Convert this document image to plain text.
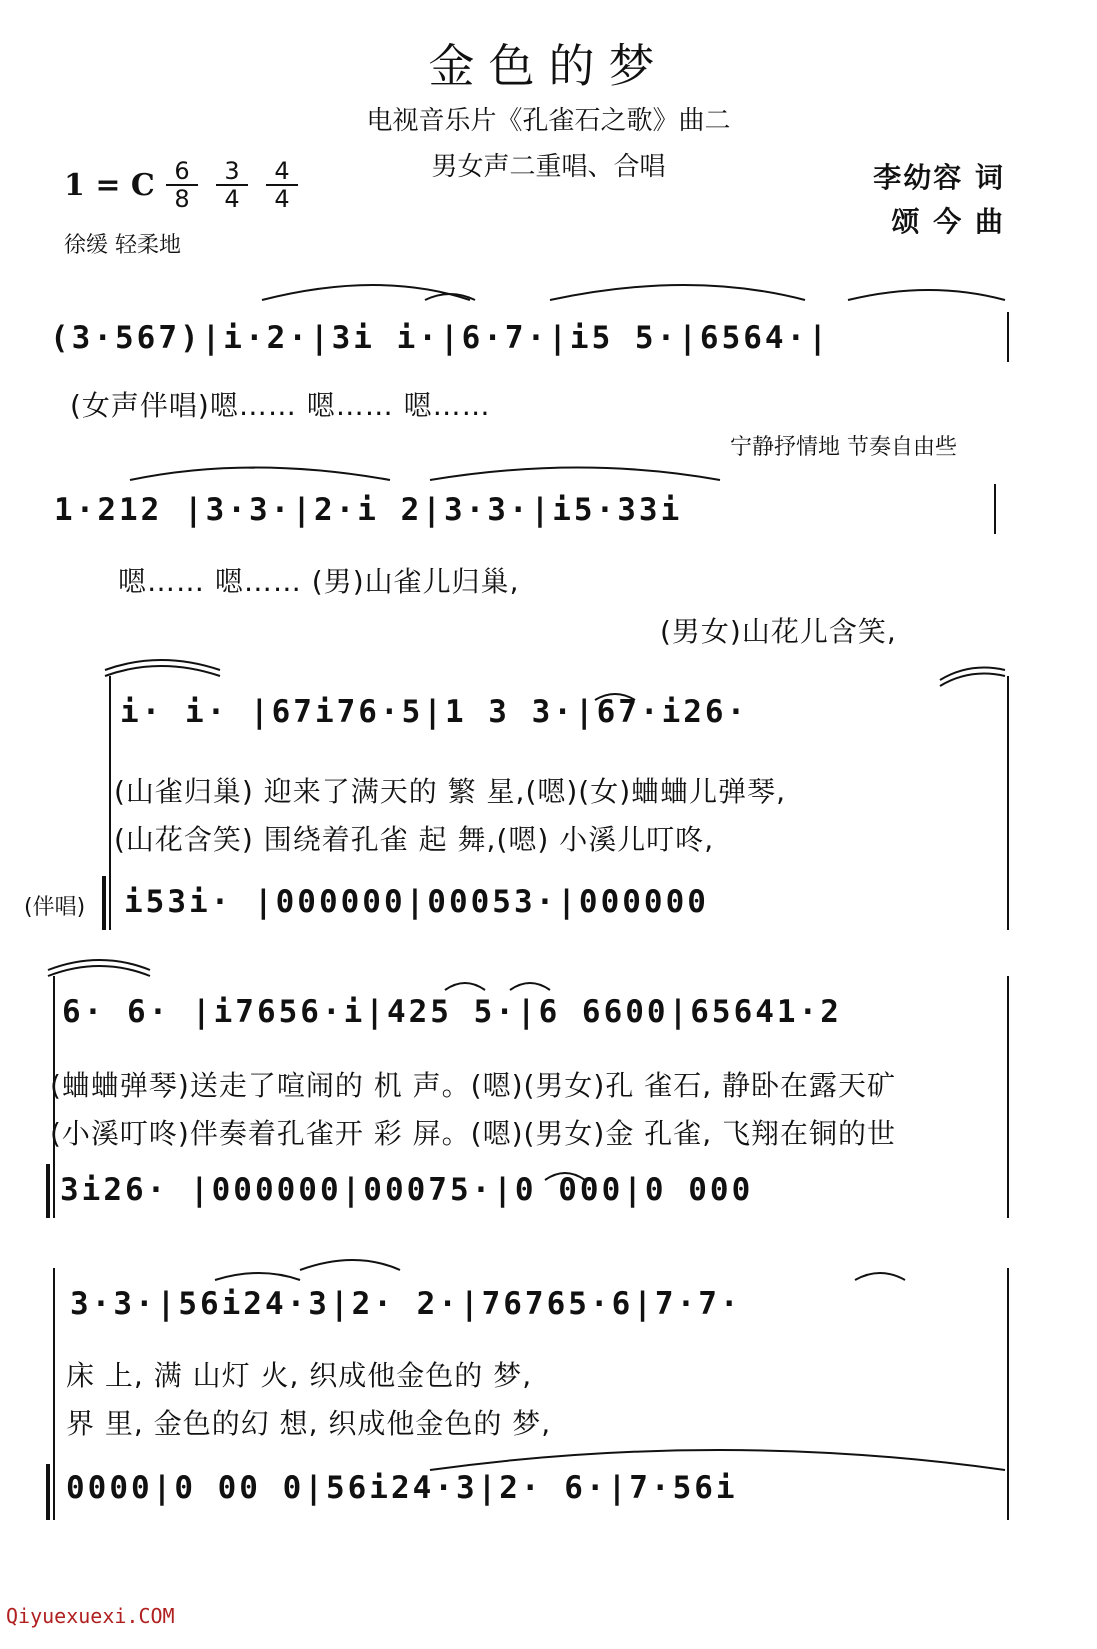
金色的梦
电视音乐片《孔雀石之歌》曲二
男女声二重唱、合唱	李幼容 词
颂 今 曲
1 = C $\frac{6}{8} \frac{3}{4} \frac{4}{4}$
徐缓 轻柔地
(3·567)|i·2·|3i i·|6·7·|i5 5·|6564·|
(女声伴唱)嗯…… 嗯…… 嗯……
宁静抒情地 节奏自由些
1·212 |3·3·|2·i 2|3·3·|i5·33i
嗯…… 嗯…… (男)山雀儿归巢,
(男女)山花儿含笑,
i· i· |67i76·5|1 3 3·|67·i26·
(山雀归巢) 迎来了满天的 繁 星,(嗯)(女)蛐蛐儿弹琴,
(山花含笑) 围绕着孔雀 起 舞,(嗯) 小溪儿叮咚,
(伴唱) i53i· |000000|00053·|000000
6· 6· |i7656·i|425 5·|6 6600|65641·2
(蛐蛐弹琴)送走了喧闹的 机 声。(嗯)(男女)孔 雀石, 静卧在露天矿
(小溪叮咚)伴奏着孔雀开 彩 屏。(嗯)(男女)金 孔雀, 飞翔在铜的世
3i26· |000000|00075·|0 000|0 000
3·3·|56i24·3|2· 2·|76765·6|7·7·
床 上, 满 山灯 火, 织成他金色的 梦,
界 里, 金色的幻 想, 织成他金色的 梦,
0000|0 00 0|56i24·3|2· 6·|7·56i
Qiyuexuexi.COM
